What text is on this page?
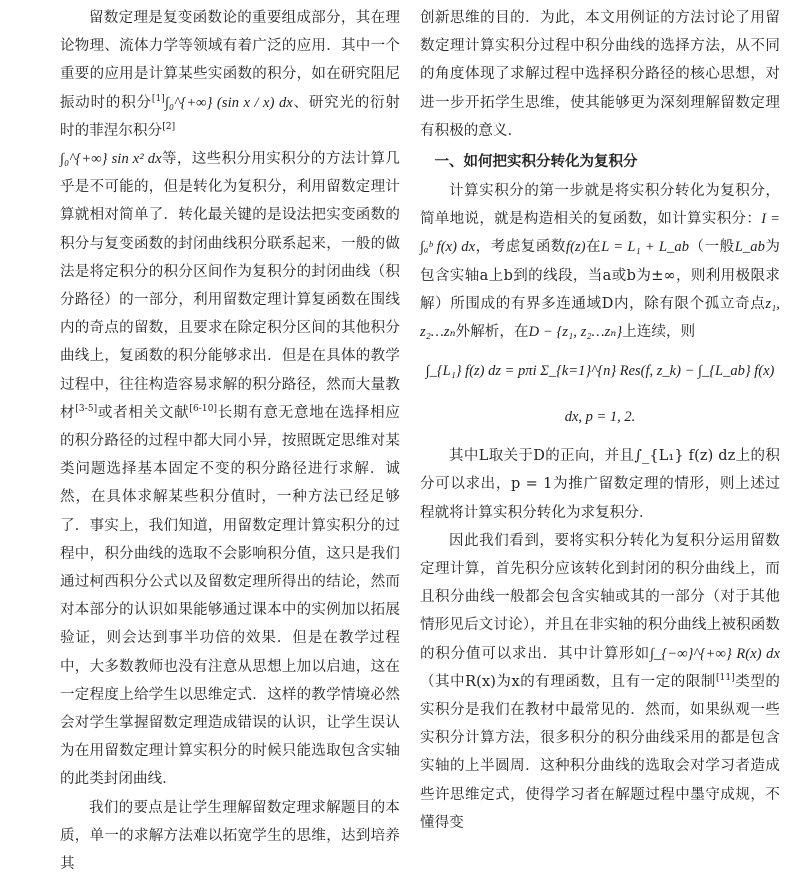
留数定理是复变函数论的重要组成部分，其在理论物理、流体力学等领域有着广泛的应用．其中一个重要的应用是计算某些实函数的积分，如在研究阻尼振动时的积分[1]∫₀^{+∞} (sin x / x) dx、研究光的衍射时的菲涅尔积分[2]
∫₀^{+∞} sin x² dx等，这些积分用实积分的方法计算几乎是不可能的，但是转化为复积分，利用留数定理计算就相对简单了．转化最关键的是设法把实变函数的积分与复变函数的封闭曲线积分联系起来，一般的做法是将定积分的积分区间作为复积分的封闭曲线（积分路径）的一部分，利用留数定理计算复函数在围线内的奇点的留数，且要求在除定积分区间的其他积分曲线上，复函数的积分能够求出．但是在具体的教学过程中，往往构造容易求解的积分路径，然而大量教材[3-5]或者相关文献[6-10]长期有意无意地在选择相应的积分路径的过程中都大同小异，按照既定思维对某类问题选择基本固定不变的积分路径进行求解．诚然，在具体求解某些积分值时，一种方法已经足够了．事实上，我们知道，用留数定理计算实积分的过程中，积分曲线的选取不会影响积分值，这只是我们通过柯西积分公式以及留数定理所得出的结论，然而对本部分的认识如果能够通过课本中的实例加以拓展验证，则会达到事半功倍的效果．但是在教学过程中，大多数教师也没有注意从思想上加以启迪，这在一定程度上给学生以思维定式．这样的教学情境必然会对学生掌握留数定理造成错误的认识，让学生误认为在用留数定理计算实积分的时候只能选取包含实轴的此类封闭曲线．

我们的要点是让学生理解留数定理求解题目的本质，单一的求解方法难以拓宽学生的思维，达到培养其

创新思维的目的．为此，本文用例证的方法讨论了用留数定理计算实积分过程中积分曲线的选择方法，从不同的角度体现了求解过程中选择积分路径的核心思想，对进一步开拓学生思维，使其能够更为深刻理解留数定理有积极的意义．

一、如何把实积分转化为复积分

计算实积分的第一步就是将实积分转化为复积分，简单地说，就是构造相关的复函数，如计算实积分：I = ∫ₐᵇ f(x) dx，考虑复函数f(z)在L = L₁ + L_ab（一般L_ab为包含实轴a上b到的线段，当a或b为±∞，则利用极限求解）所围成的有界多连通域D内，除有限个孤立奇点z₁, z₂…zₙ外解析，在D − {z₁, z₂…zₙ}上连续，则

∫_{L₁} f(z) dz = pπi Σ_{k=1}^{n} Res(f, z_k) − ∫_{L_ab} f(x) dx, p = 1, 2.

其中L取关于D的正向，并且∫_{L₁} f(z) dz上的积分可以求出，p = 1为推广留数定理的情形，则上述过程就将计算实积分转化为求复积分．

因此我们看到，要将实积分转化为复积分运用留数定理计算，首先积分应该转化到封闭的积分曲线上，而且积分曲线一般都会包含实轴或其的一部分（对于其他情形见后文讨论），并且在非实轴的积分曲线上被积函数的积分值可以求出．其中计算形如∫_{−∞}^{+∞} R(x) dx（其中R(x)为x的有理函数，且有一定的限制[11]类型的实积分是我们在教材中最常见的．然而，如果纵观一些实积分计算方法，很多积分的积分曲线采用的都是包含实轴的上半圆周．这种积分曲线的选取会对学习者造成些许思维定式，使得学习者在解题过程中墨守成规，不懂得变
